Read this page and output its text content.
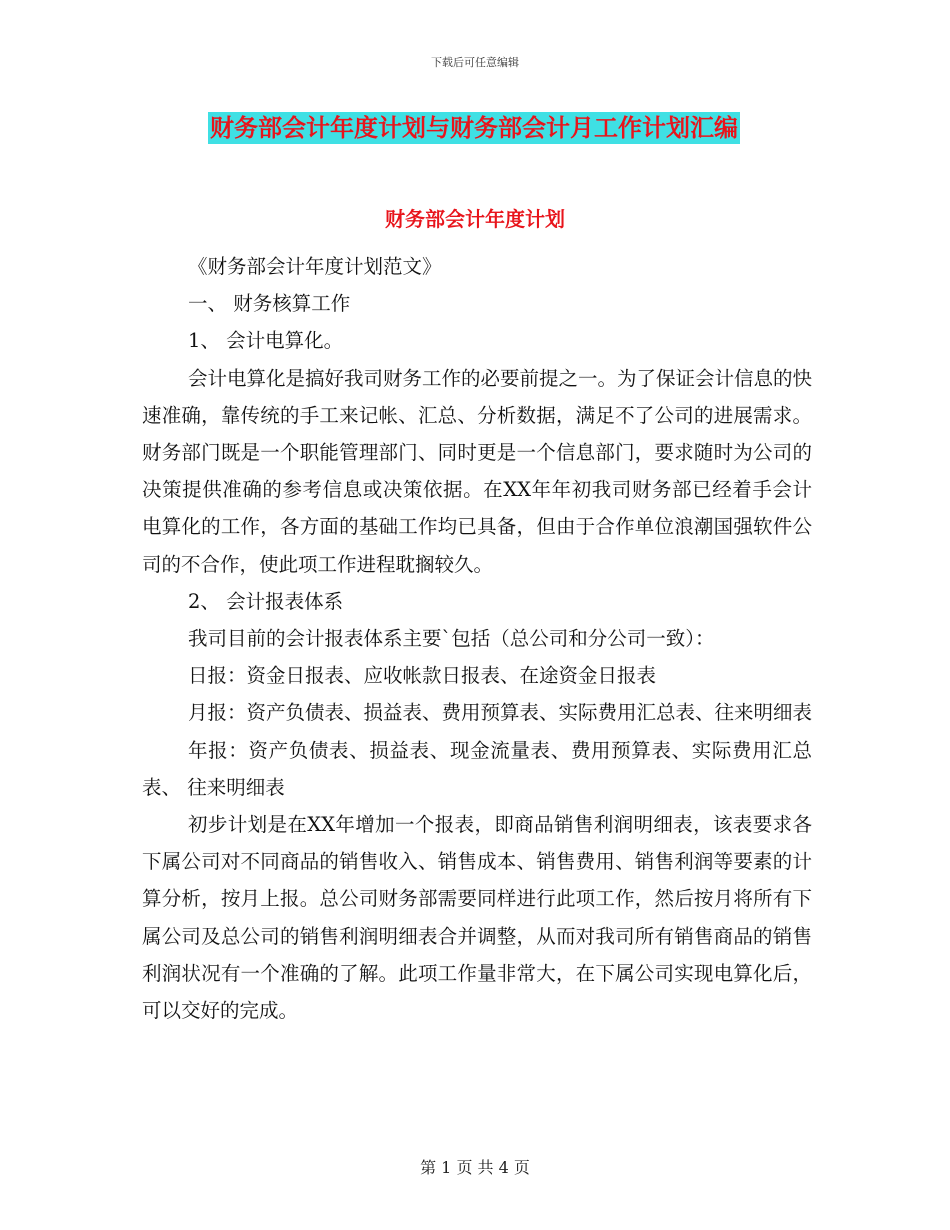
下载后可任意编辑
财务部会计年度计划与财务部会计月工作计划汇编
财务部会计年度计划

《财务部会计年度计划范文》

一、 财务核算工作

1、 会计电算化。

会计电算化是搞好我司财务工作的必要前提之一。为了保证会计信息的快速准确，靠传统的手工来记帐、汇总、分析数据，满足不了公司的进展需求。财务部门既是一个职能管理部门、同时更是一个信息部门，要求随时为公司的决策提供准确的参考信息或决策依据。在XX年年初我司财务部已经着手会计电算化的工作，各方面的基础工作均已具备，但由于合作单位浪潮国强软件公司的不合作，使此项工作进程耽搁较久。

2、 会计报表体系

我司目前的会计报表体系主要`包括（总公司和分公司一致）：

日报：资金日报表、应收帐款日报表、在途资金日报表

月报：资产负债表、损益表、费用预算表、实际费用汇总表、往来明细表

年报：资产负债表、损益表、现金流量表、费用预算表、实际费用汇总表、 往来明细表

初步计划是在XX年增加一个报表，即商品销售利润明细表，该表要求各下属公司对不同商品的销售收入、销售成本、销售费用、销售利润等要素的计算分析，按月上报。总公司财务部需要同样进行此项工作，然后按月将所有下属公司及总公司的销售利润明细表合并调整，从而对我司所有销售商品的销售利润状况有一个准确的了解。此项工作量非常大，在下属公司实现电算化后，可以交好的完成。

第 1 页 共 4 页
